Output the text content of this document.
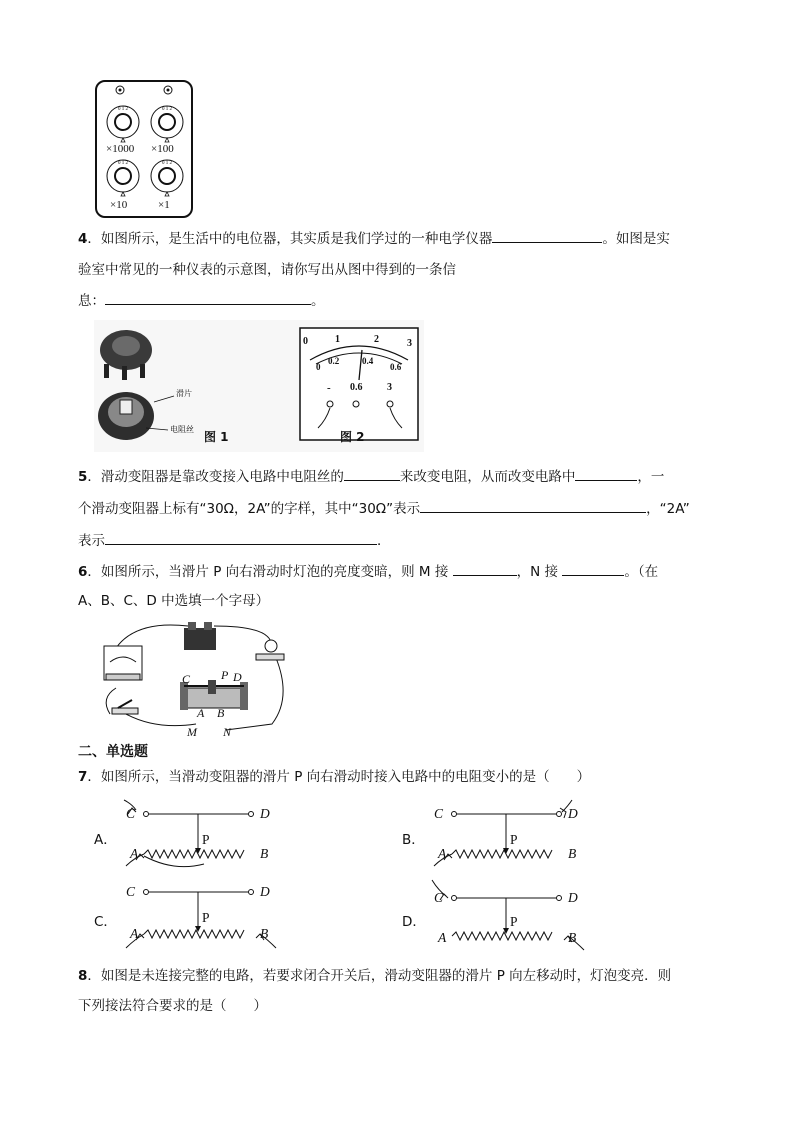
0 1 2	0 1 2
0 1 2	0 1 2
×1000 ×100
×10	×1
4．如图所示，是生活中的电位器，其实质是我们学过的一种电学仪器	。如图是实
验室中常见的一种仪表的示意图，请你写出从图中得到的一条信
息：	。
滑片
电阻丝
图 1
0	1	2	3
0
0.2	0.4
0.6
- 0.6 3
图 2
5．滑动变阻器是靠改变接入电路中电阻丝的	来改变电阻，从而改变电路中	，一
个滑动变阻器上标有“30Ω，2A”的字样，其中“30Ω”表示	，“2A”
表示	．
6．如图所示，当滑片 P 向右滑动时灯泡的亮度变暗，则 M 接	，N 接	。（在
A、B、C、D 中选填一个字母）
C	P D
A B
M N
二、单选题
7．如图所示，当滑动变阻器的滑片 P 向右滑动时接入电路中的电阻变小的是（　　）
A．
C	D
A	B
P	B．
C	D
A	B
P
C．
C	D
A	B
P	D．
C	D
A	B
P
8．如图是未连接完整的电路，若要求闭合开关后，滑动变阻器的滑片 P 向左移动时，灯泡变亮．则
下列接法符合要求的是（　　）
